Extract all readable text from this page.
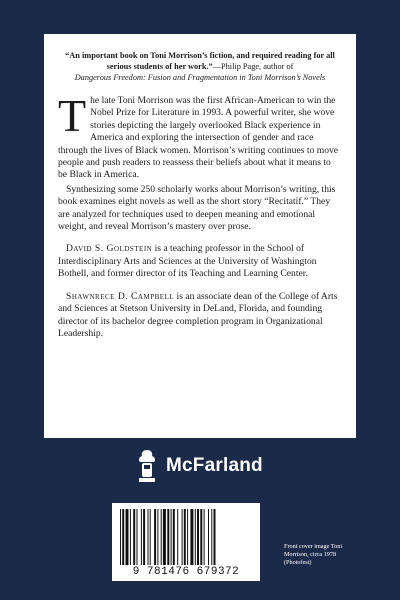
“An important book on Toni Morrison’s fiction, and required reading for all serious students of her work.”—Philip Page, author of
Dangerous Freedom: Fusion and Fragmentation in Toni Morrison’s Novels

The late Toni Morrison was the first African-American to win the Nobel Prize for Literature in 1993. A powerful writer, she wove stories depicting the largely overlooked Black experience in America and exploring the intersection of gender and race through the lives of Black women. Morrison’s writing continues to move people and push readers to reassess their beliefs about what it means to be Black in America.

Synthesizing some 250 scholarly works about Morrison’s writing, this book examines eight novels as well as the short story “Recitatif.” They are analyzed for techniques used to deepen meaning and emotional weight, and reveal Morrison’s mastery over prose.

David S. Goldstein is a teaching professor in the School of Interdisciplinary Arts and Sciences at the University of Washington Bothell, and former director of its Teaching and Learning Center.

Shawnrece D. Campbell is an associate dean of the College of Arts and Sciences at Stetson University in DeLand, Florida, and founding director of its bachelor degree completion program in Organizational Leadership.

McFarland
9 781476 679372
Front cover image Toni Morrison, circa 1978 (Photofest)
